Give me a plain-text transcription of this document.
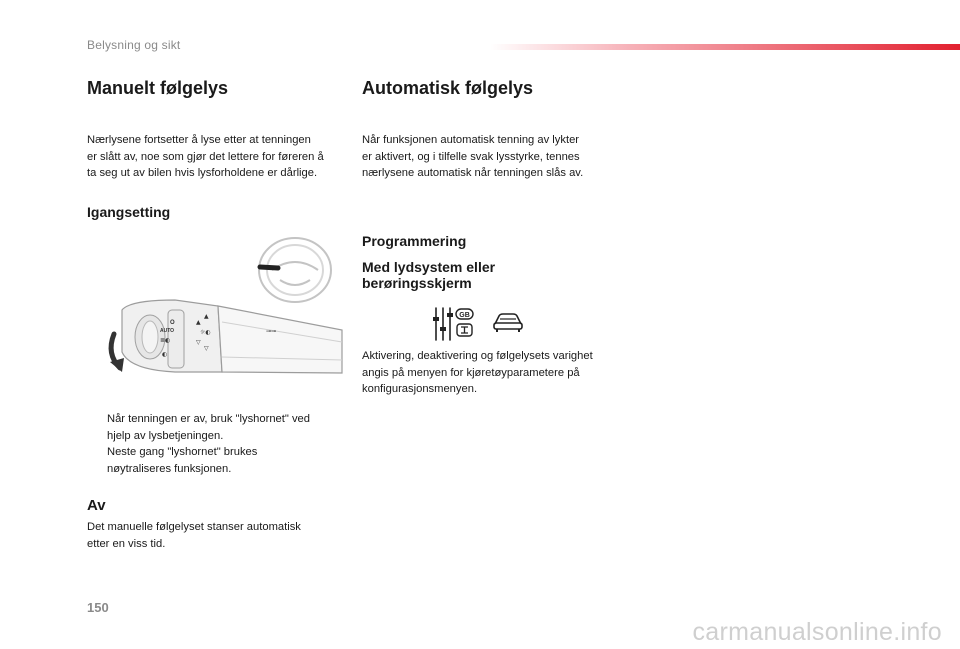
Belysning og sikt
Manuelt følgelys
Nærlysene fortsetter å lyse etter at tenningen
er slått av, noe som gjør det lettere for føreren å
ta seg ut av bilen hvis lysforholdene er dårlige.
Igangsetting
O
AUTO
≣◐
◐
▲
▲
☼◐
▽
▽
⊸⊸
Når tenningen er av, bruk "lyshornet" ved
hjelp av lysbetjeningen.
Neste gang "lyshornet" brukes
nøytraliseres funksjonen.
Av
Det manuelle følgelyset stanser automatisk
etter en viss tid.
Automatisk følgelys
Når funksjonen automatisk tenning av lykter
er aktivert, og i tilfelle svak lysstyrke, tennes
nærlysene automatisk når tenningen slås av.
Programmering
Med lydsystem eller
berøringsskjerm
GB
Aktivering, deaktivering og følgelysets varighet
angis på menyen for kjøretøyparametere på
konfigurasjonsmenyen.
150
carmanualsonline.info
